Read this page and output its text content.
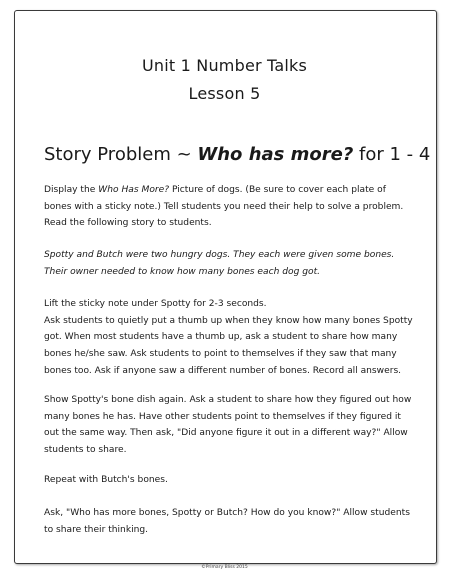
Unit 1 Number Talks
Lesson 5
Story Problem ~ Who has more? for 1 - 4

Display the Who Has More? Picture of dogs. (Be sure to cover each plate of bones with a sticky note.) Tell students you need their help to solve a problem. Read the following story to students.

Spotty and Butch were two hungry dogs. They each were given some bones. Their owner needed to know how many bones each dog got.

Lift the sticky note under Spotty for 2-3 seconds.
Ask students to quietly put a thumb up when they know how many bones Spotty got. When most students have a thumb up, ask a student to share how many bones he/she saw. Ask students to point to themselves if they saw that many bones too. Ask if anyone saw a different number of bones. Record all answers.

Show Spotty's bone dish again. Ask a student to share how they figured out how many bones he has. Have other students point to themselves if they figured it out the same way. Then ask, "Did anyone figure it out in a different way?" Allow students to share.

Repeat with Butch's bones.

Ask, "Who has more bones, Spotty or Butch? How do you know?" Allow students to share their thinking.

©Primary Bliss 2015
